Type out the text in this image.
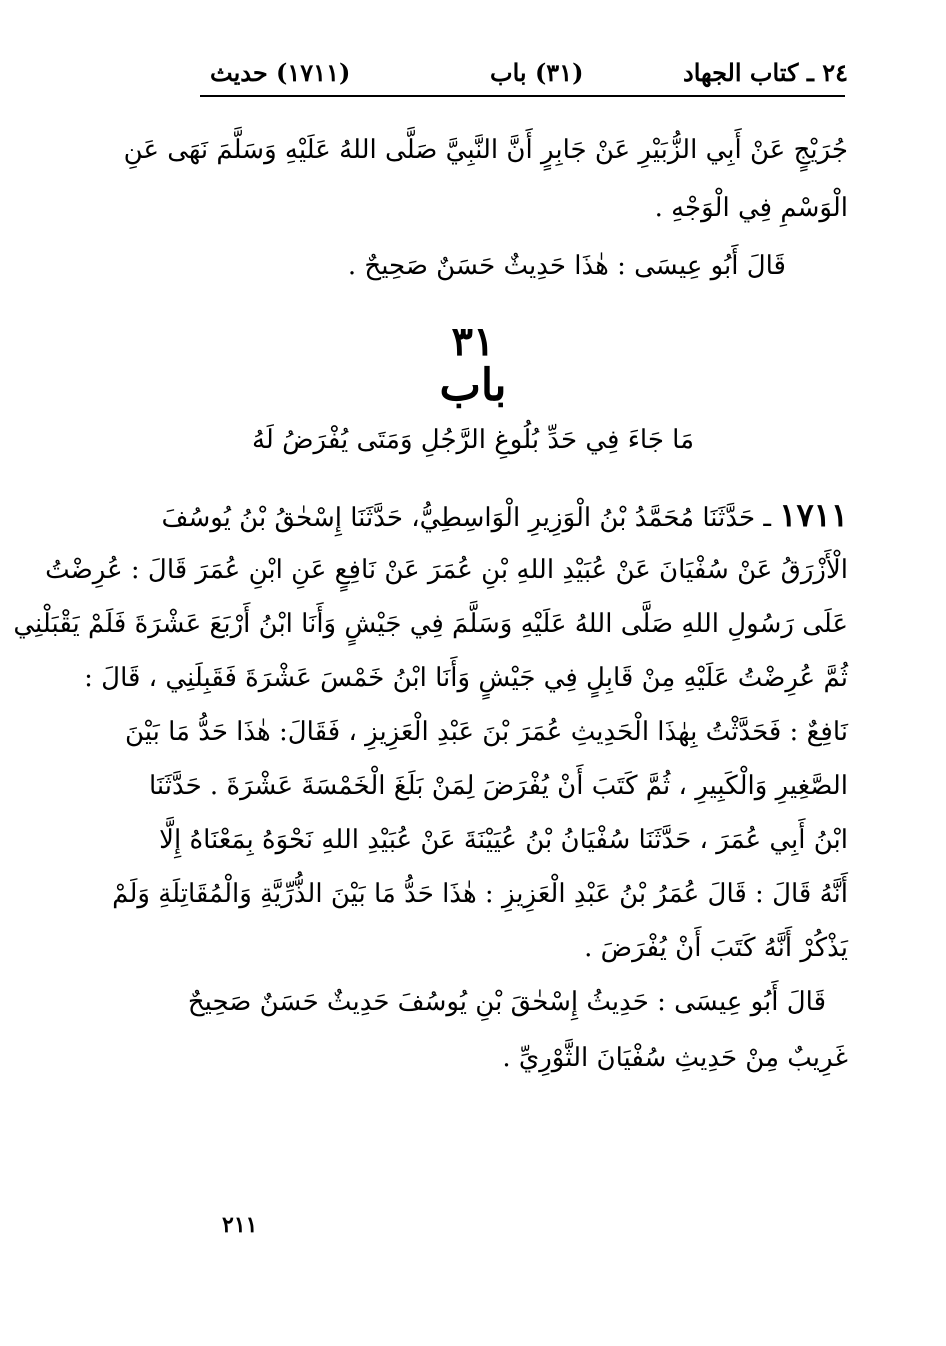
٢٤ ـ كتاب الجهاد
(٣١) باب
(١٧١١) حديث
جُرَيْجٍ عَنْ أَبِي الزُّبَيْرِ عَنْ جَابِرٍ أَنَّ النَّبِيَّ صَلَّى اللهُ عَلَيْهِ وَسَلَّمَ نَهَى عَنِ
الْوَسْمِ فِي الْوَجْهِ .
قَالَ أَبُو عِيسَى : هٰذَا حَدِيثٌ حَسَنٌ صَحِيحٌ .
٣١
باب
مَا جَاءَ فِي حَدِّ بُلُوغِ الرَّجُلِ وَمَتَى يُفْرَضُ لَهُ
١٧١١ ـ حَدَّثَنَا مُحَمَّدُ بْنُ الْوَزِيرِ الْوَاسِطِيُّ، حَدَّثَنَا إِسْحٰقُ بْنُ يُوسُفَ
الْأَزْرَقُ عَنْ سُفْيَانَ عَنْ عُبَيْدِ اللهِ بْنِ عُمَرَ عَنْ نَافِعٍ عَنِ ابْنِ عُمَرَ قَالَ : عُرِضْتُ
عَلَى رَسُولِ اللهِ صَلَّى اللهُ عَلَيْهِ وَسَلَّمَ فِي جَيْشٍ وَأَنَا ابْنُ أَرْبَعَ عَشْرَةَ فَلَمْ يَقْبَلْنِي
ثُمَّ عُرِضْتُ عَلَيْهِ مِنْ قَابِلٍ فِي جَيْشٍ وَأَنَا ابْنُ خَمْسَ عَشْرَةَ فَقَبِلَنِي ، قَالَ :
نَافِعٌ : فَحَدَّثْتُ بِهٰذَا الْحَدِيثِ عُمَرَ بْنَ عَبْدِ الْعَزِيزِ ، فَقَالَ: هٰذَا حَدُّ مَا بَيْنَ
الصَّغِيرِ وَالْكَبِيرِ ، ثُمَّ كَتَبَ أَنْ يُفْرَضَ لِمَنْ بَلَغَ الْخَمْسَةَ عَشْرَةَ . حَدَّثَنَا
ابْنُ أَبِي عُمَرَ ، حَدَّثَنَا سُفْيَانُ بْنُ عُيَيْنَةَ عَنْ عُبَيْدِ اللهِ نَحْوَهُ بِمَعْنَاهُ إِلَّا
أَنَّهُ قَالَ : قَالَ عُمَرُ بْنُ عَبْدِ الْعَزِيزِ : هٰذَا حَدُّ مَا بَيْنَ الذُّرِّيَّةِ وَالْمُقَاتِلَةِ وَلَمْ
يَذْكُرْ أَنَّهُ كَتَبَ أَنْ يُفْرَضَ .
قَالَ أَبُو عِيسَى : حَدِيثُ إِسْحٰقَ بْنِ يُوسُفَ حَدِيثٌ حَسَنٌ صَحِيحٌ
غَرِيبٌ مِنْ حَدِيثِ سُفْيَانَ الثَّوْرِيِّ .
٢١١
